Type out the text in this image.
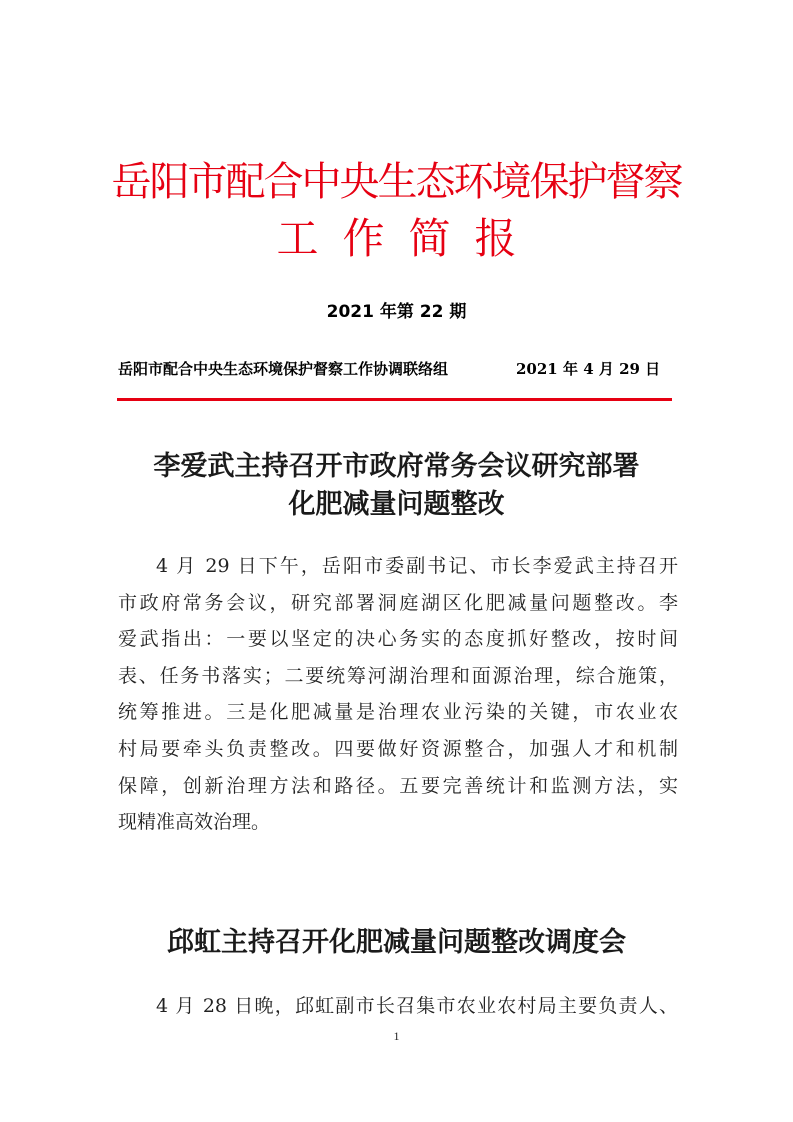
岳阳市配合中央生态环境保护督察
工作简报

2021 年第 22 期

岳阳市配合中央生态环境保护督察工作协调联络组	2021 年 4 月 29 日
李爱武主持召开市政府常务会议研究部署
化肥减量问题整改
4 月 29 日下午，岳阳市委副书记、市长李爱武主持召开
市政府常务会议，研究部署洞庭湖区化肥减量问题整改。李
爱武指出：一要以坚定的决心务实的态度抓好整改，按时间
表、任务书落实；二要统筹河湖治理和面源治理，综合施策，
统筹推进。三是化肥减量是治理农业污染的关键，市农业农
村局要牵头负责整改。四要做好资源整合，加强人才和机制
保障，创新治理方法和路径。五要完善统计和监测方法，实
现精准高效治理。
邱虹主持召开化肥减量问题整改调度会
4 月 28 日晚，邱虹副市长召集市农业农村局主要负责人、
1
